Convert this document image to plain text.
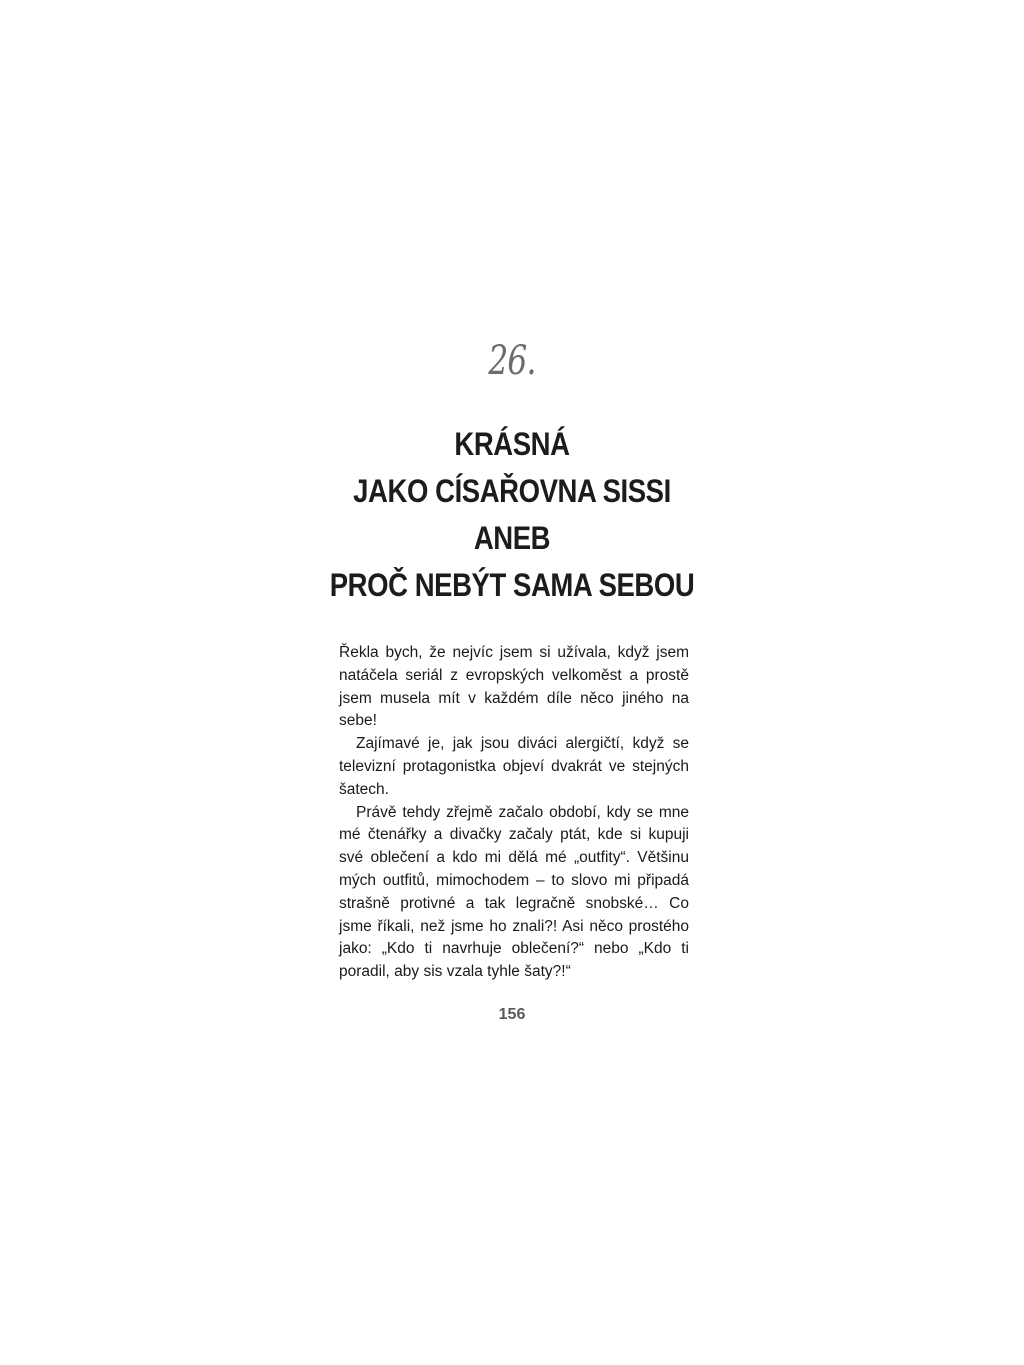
26.
KRÁSNÁ
JAKO CÍSAŘOVNA SISSI
ANEB
PROČ NEBÝT SAMA SEBOU

Řekla bych, že nejvíc jsem si užívala, když jsem natáčela seriál z evropských velkoměst a prostě jsem musela mít v každém díle něco jiného na sebe!

Zajímavé je, jak jsou diváci alergičtí, když se televizní protagonistka objeví dvakrát ve stejných šatech.

Právě tehdy zřejmě začalo období, kdy se mne mé čtenářky a divačky začaly ptát, kde si kupuji své oblečení a kdo mi dělá mé „outfity“. Většinu mých outfitů, mimochodem – to slovo mi připadá strašně protivné a tak legračně snobské… Co jsme říkali, než jsme ho znali?! Asi něco prostého jako: „Kdo ti navrhuje oblečení?“ nebo „Kdo ti poradil, aby sis vzala tyhle šaty?!“

156
